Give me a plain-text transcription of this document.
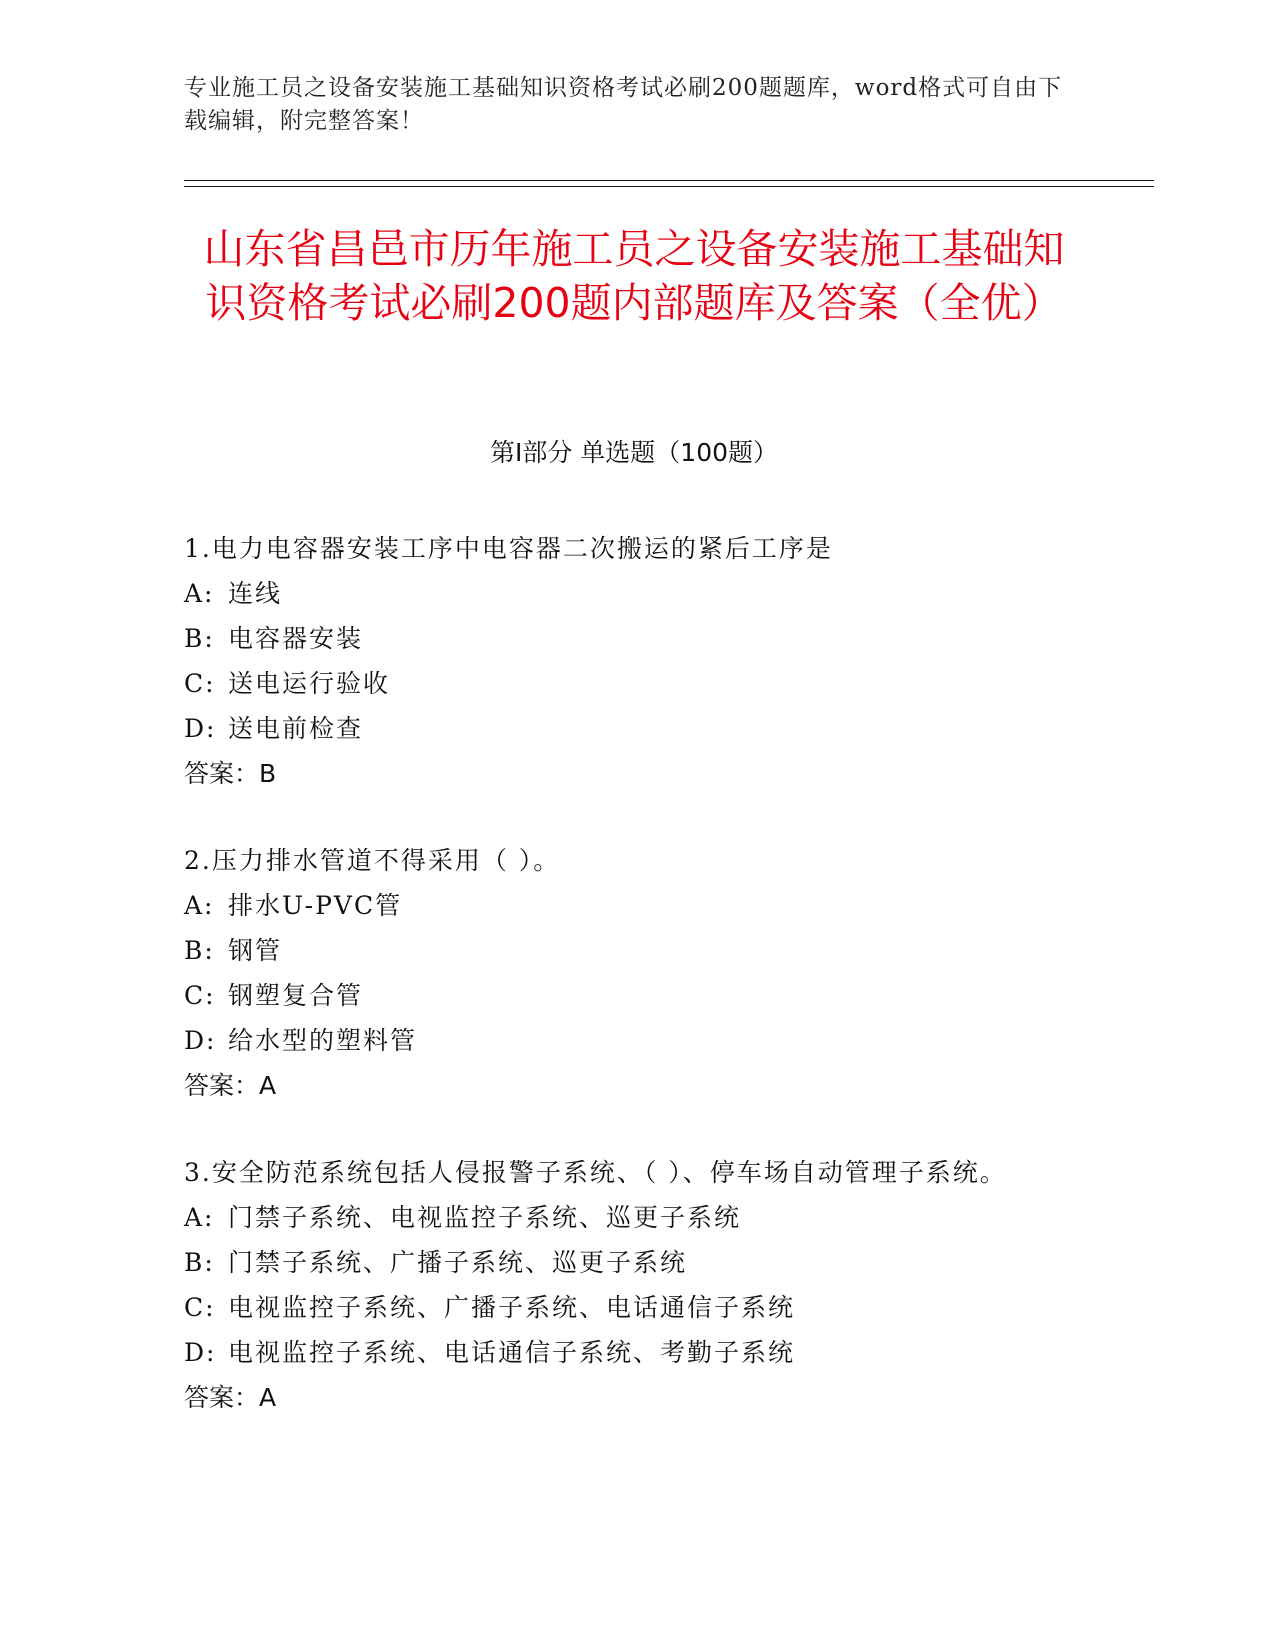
专业施工员之设备安装施工基础知识资格考试必刷200题题库，word格式可自由下载编辑，附完整答案！
山东省昌邑市历年施工员之设备安装施工基础知识资格考试必刷200题内部题库及答案（全优）
第Ⅰ部分 单选题（100题）
1.电力电容器安装工序中电容器二次搬运的紧后工序是
A: 连线
B: 电容器安装
C: 送电运行验收
D: 送电前检查
答案：B
2.压力排水管道不得采用（ ）。
A: 排水U-PVC管
B: 钢管
C: 钢塑复合管
D: 给水型的塑料管
答案：A
3.安全防范系统包括人侵报警子系统、（ ）、停车场自动管理子系统。
A: 门禁子系统、电视监控子系统、巡更子系统
B: 门禁子系统、广播子系统、巡更子系统
C: 电视监控子系统、广播子系统、电话通信子系统
D: 电视监控子系统、电话通信子系统、考勤子系统
答案：A
